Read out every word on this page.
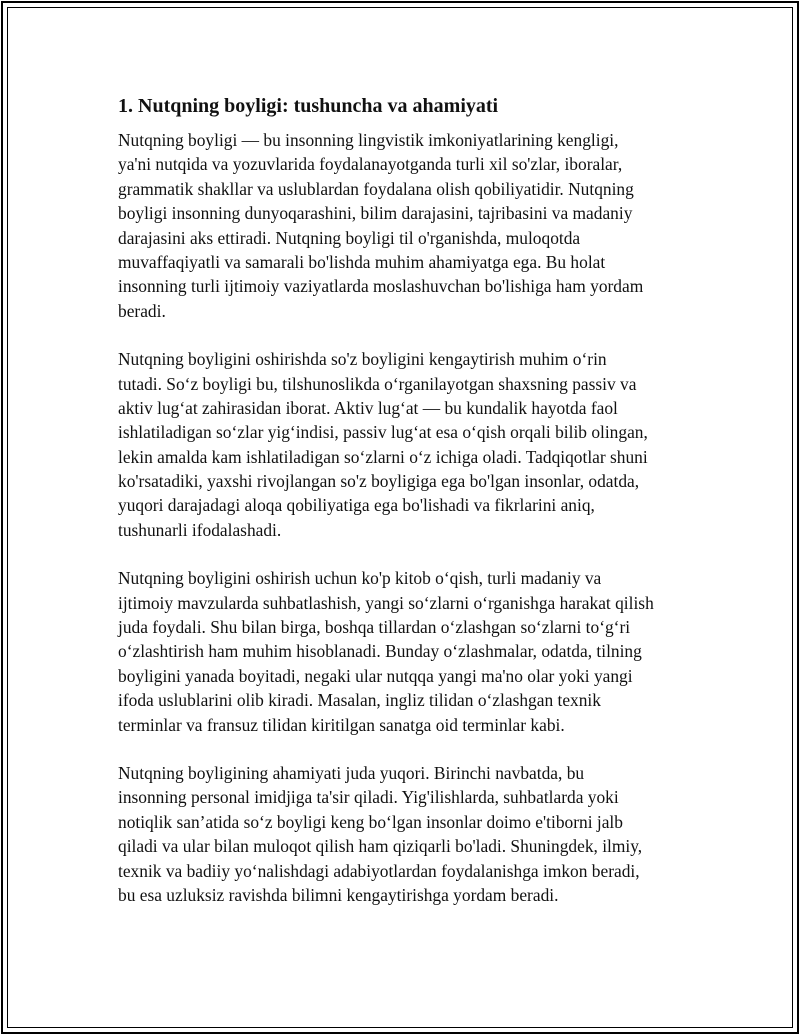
1. Nutqning boyligi: tushuncha va ahamiyati

Nutqning boyligi — bu insonning lingvistik imkoniyatlarining kengligi,
ya'ni nutqida va yozuvlarida foydalanayotganda turli xil so'zlar, iboralar,
grammatik shakllar va uslublardan foydalana olish qobiliyatidir. Nutqning
boyligi insonning dunyoqarashini, bilim darajasini, tajribasini va madaniy
darajasini aks ettiradi. Nutqning boyligi til o'rganishda, muloqotda
muvaffaqiyatli va samarali bo'lishda muhim ahamiyatga ega. Bu holat
insonning turli ijtimoiy vaziyatlarda moslashuvchan bo'lishiga ham yordam
beradi.

Nutqning boyligini oshirishda so'z boyligini kengaytirish muhim oʻrin
tutadi. Soʻz boyligi bu, tilshunoslikda oʻrganilayotgan shaxsning passiv va
aktiv lugʻat zahirasidan iborat. Aktiv lugʻat — bu kundalik hayotda faol
ishlatiladigan soʻzlar yigʻindisi, passiv lugʻat esa oʻqish orqali bilib olingan,
lekin amalda kam ishlatiladigan soʻzlarni oʻz ichiga oladi. Tadqiqotlar shuni
ko'rsatadiki, yaxshi rivojlangan so'z boyligiga ega bo'lgan insonlar, odatda,
yuqori darajadagi aloqa qobiliyatiga ega bo'lishadi va fikrlarini aniq,
tushunarli ifodalashadi.

Nutqning boyligini oshirish uchun ko'p kitob oʻqish, turli madaniy va
ijtimoiy mavzularda suhbatlashish, yangi soʻzlarni oʻrganishga harakat qilish
juda foydali. Shu bilan birga, boshqa tillardan oʻzlashgan soʻzlarni toʻgʻri
oʻzlashtirish ham muhim hisoblanadi. Bunday oʻzlashmalar, odatda, tilning
boyligini yanada boyitadi, negaki ular nutqqa yangi ma'no olar yoki yangi
ifoda uslublarini olib kiradi. Masalan, ingliz tilidan oʻzlashgan texnik
terminlar va fransuz tilidan kiritilgan sanatga oid terminlar kabi.

Nutqning boyligining ahamiyati juda yuqori. Birinchi navbatda, bu
insonning personal imidjiga ta'sir qiladi. Yig'ilishlarda, suhbatlarda yoki
notiqlik san’atida soʻz boyligi keng boʻlgan insonlar doimo e'tiborni jalb
qiladi va ular bilan muloqot qilish ham qiziqarli bo'ladi. Shuningdek, ilmiy,
texnik va badiiy yoʻnalishdagi adabiyotlardan foydalanishga imkon beradi,
bu esa uzluksiz ravishda bilimni kengaytirishga yordam beradi.
